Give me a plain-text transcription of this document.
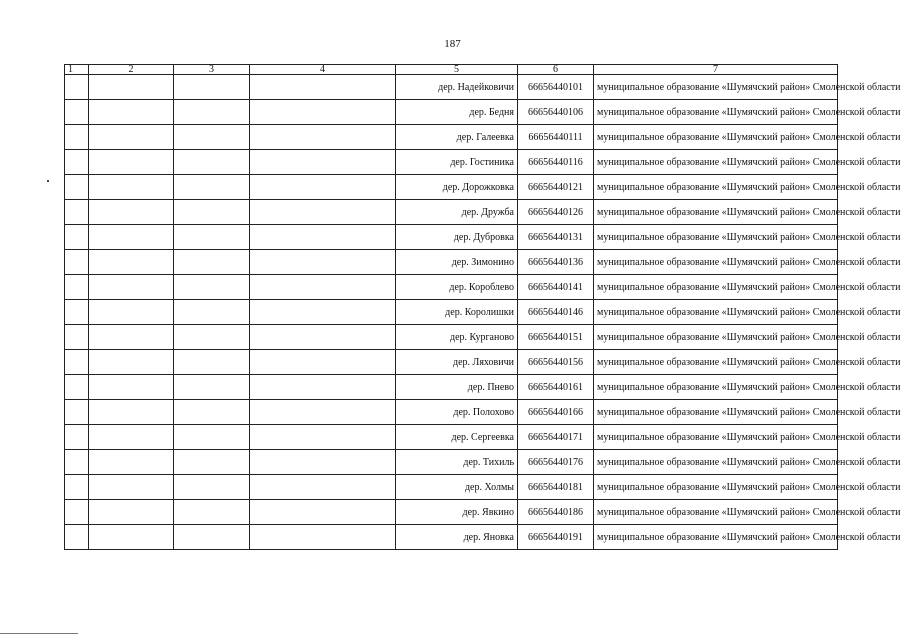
187
1	2	3	4	5	6	7
				дер. Надейковичи	66656440101	муниципальное образование «Шумячский район» Смоленской области
				дер. Бедня	66656440106	муниципальное образование «Шумячский район» Смоленской области
				дер. Галеевка	66656440111	муниципальное образование «Шумячский район» Смоленской области
				дер. Гостиника	66656440116	муниципальное образование «Шумячский район» Смоленской области
				дер. Дорожковка	66656440121	муниципальное образование «Шумячский район» Смоленской области
				дер. Дружба	66656440126	муниципальное образование «Шумячский район» Смоленской области
				дер. Дубровка	66656440131	муниципальное образование «Шумячский район» Смоленской области
				дер. Зимонино	66656440136	муниципальное образование «Шумячский район» Смоленской области
				дер. Короблево	66656440141	муниципальное образование «Шумячский район» Смоленской области
				дер. Королишки	66656440146	муниципальное образование «Шумячский район» Смоленской области
				дер. Курганово	66656440151	муниципальное образование «Шумячский район» Смоленской области
				дер. Ляховичи	66656440156	муниципальное образование «Шумячский район» Смоленской области
				дер. Пнево	66656440161	муниципальное образование «Шумячский район» Смоленской области
				дер. Полохово	66656440166	муниципальное образование «Шумячский район» Смоленской области
				дер. Сергеевка	66656440171	муниципальное образование «Шумячский район» Смоленской области
				дер. Тихиль	66656440176	муниципальное образование «Шумячский район» Смоленской области
				дер. Холмы	66656440181	муниципальное образование «Шумячский район» Смоленской области
				дер. Явкино	66656440186	муниципальное образование «Шумячский район» Смоленской области
				дер. Яновка	66656440191	муниципальное образование «Шумячский район» Смоленской области
